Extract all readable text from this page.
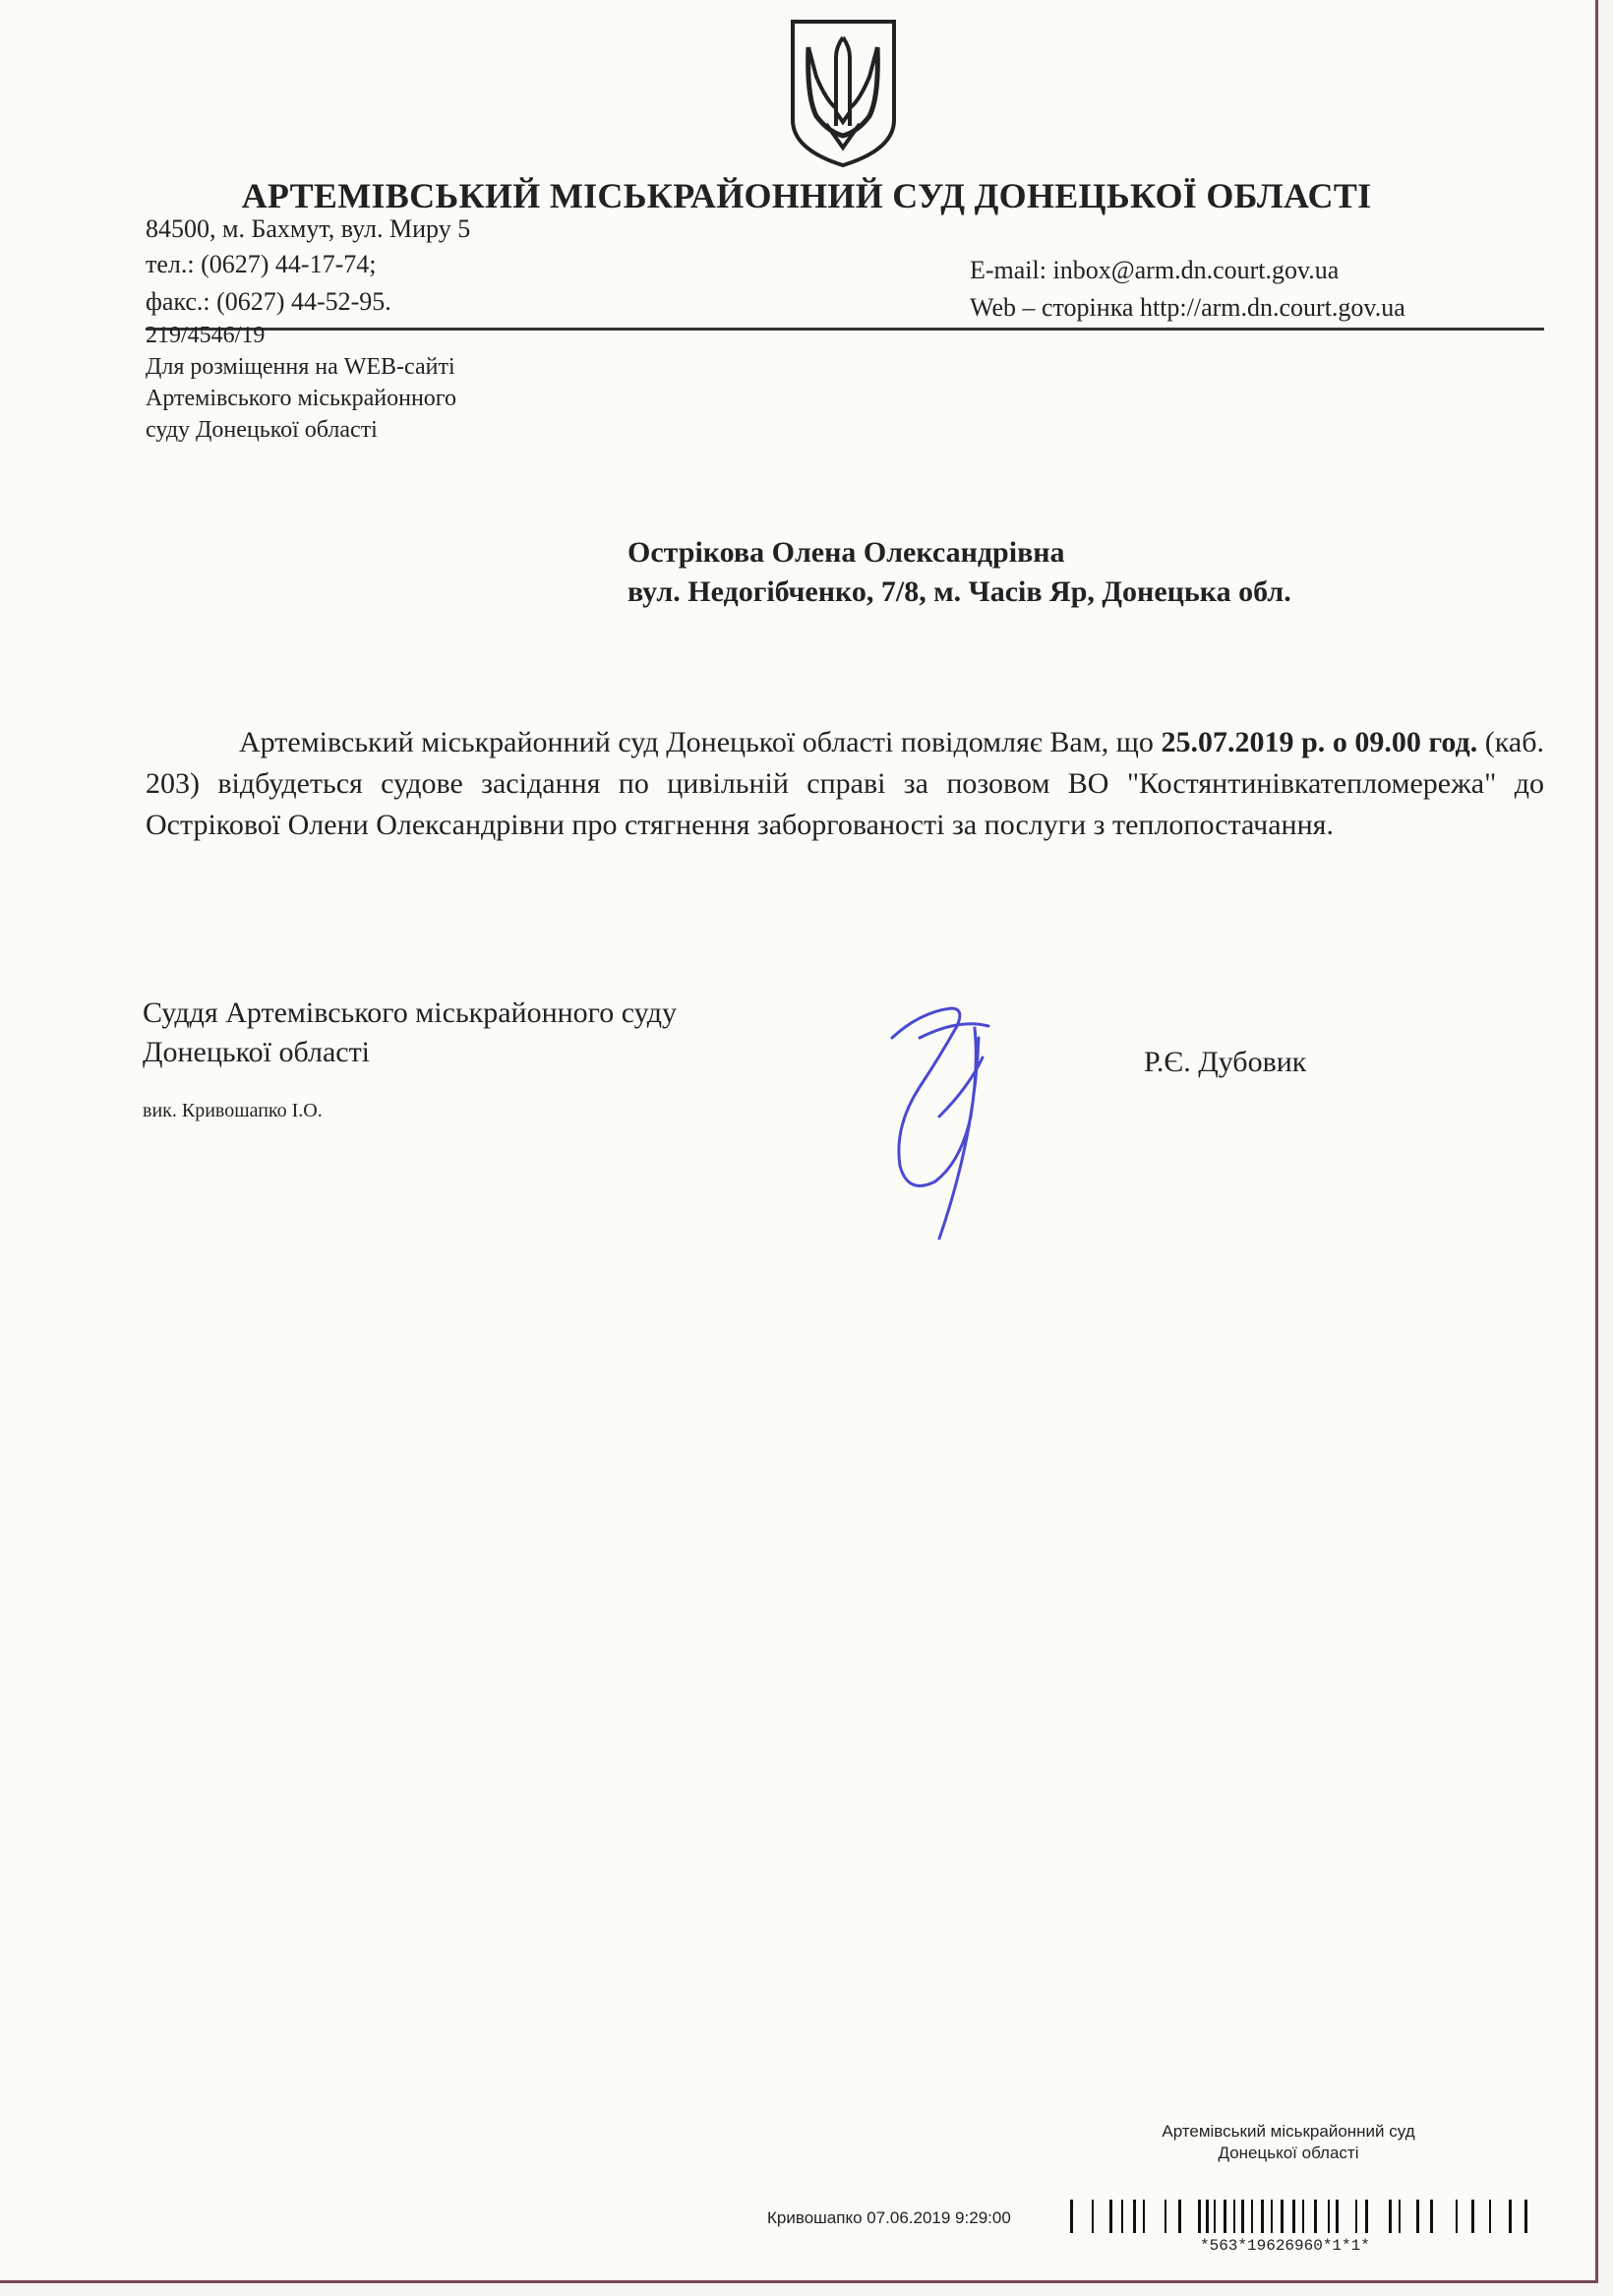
АРТЕМІВСЬКИЙ МІСЬКРАЙОННИЙ СУД ДОНЕЦЬКОЇ ОБЛАСТІ
84500, м. Бахмут, вул. Миру 5
тел.: (0627) 44-17-74;
факс.: (0627) 44-52-95.
E-mail: inbox@arm.dn.court.gov.ua
Web – сторінка http://arm.dn.court.gov.ua
219/4546/19
Для розміщення на WEB-сайті
Артемівського міськрайонного
суду Донецької області
Острікова Олена Олександрівна
вул. Недогібченко, 7/8, м. Часів Яр, Донецька обл.
Артемівський міськрайонний суд Донецької області повідомляє Вам, що 25.07.2019 р. о 09.00 год. (каб. 203) відбудеться судове засідання по цивільній справі за позовом ВО "Костянтинівкатепломережа" до Острікової Олени Олександрівни про стягнення заборгованості за послуги з теплопостачання.
Суддя Артемівського міськрайонного суду
Донецької області	Р.Є. Дубовик
вик. Кривошапко І.О.
Артемівський міськрайонний суд
Донецької області
Кривошапко 07.06.2019 9:29:00
*563*19626960*1*1*
